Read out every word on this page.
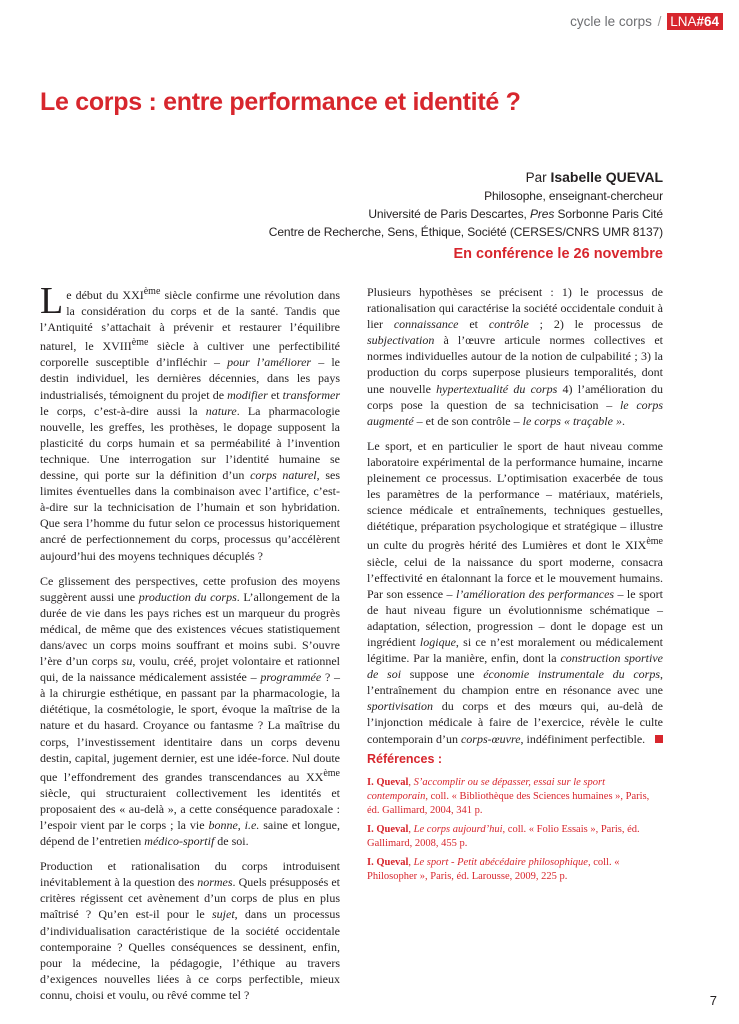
cycle le corps / LNA#64
Le corps : entre performance et identité ?
Par Isabelle QUEVAL
Philosophe, enseignant-chercheur
Université de Paris Descartes, Pres Sorbonne Paris Cité
Centre de Recherche, Sens, Éthique, Société (CERSES/CNRS UMR 8137)
En conférence le 26 novembre

Le début du XXIème siècle confirme une révolution dans la considération du corps et de la santé. Tandis que l’Antiquité s’attachait à prévenir et restaurer l’équilibre naturel, le XVIIIème siècle à cultiver une perfectibilité corporelle susceptible d’infléchir – pour l’améliorer – le destin individuel, les dernières décennies, dans les pays industrialisés, témoignent du projet de modifier et transformer le corps, c’est-à-dire aussi la nature. La pharmacologie nouvelle, les greffes, les prothèses, le dopage supposent la plasticité du corps humain et sa perméabilité à l’invention technique. Une interrogation sur l’identité humaine se dessine, qui porte sur la définition d’un corps naturel, ses limites éventuelles dans la combinaison avec l’artifice, c’est-à-dire sur la technicisation de l’humain et son hybridation. Que sera l’homme du futur selon ce processus historiquement ancré de perfectionnement du corps, processus qu’accélèrent aujourd’hui des moyens techniques décuplés ?

Ce glissement des perspectives, cette profusion des moyens suggèrent aussi une production du corps. L’allongement de la durée de vie dans les pays riches est un marqueur du progrès médical, de même que des existences vécues statistiquement dans/avec un corps moins souffrant et moins subi. S’ouvre l’ère d’un corps su, voulu, créé, projet volontaire et rationnel qui, de la naissance médicalement assistée – programmée ? – à la chirurgie esthétique, en passant par la pharmacologie, la diététique, la cosmétologie, le sport, évoque la maîtrise de la nature et du hasard. Croyance ou fantasme ? La maîtrise du corps, l’investissement identitaire dans un corps devenu destin, capital, jugement dernier, est une idée-force. Nul doute que l’effondrement des grandes transcendances au XXème siècle, qui structuraient collectivement les identités et proposaient des « au-delà », a cette conséquence paradoxale : l’espoir vient par le corps ; la vie bonne, i.e. saine et longue, dépend de l’entretien médico-sportif de soi.

Production et rationalisation du corps introduisent inévitablement à la question des normes. Quels présupposés et critères régissent cet avènement d’un corps de plus en plus maîtrisé ? Qu’en est-il pour le sujet, dans un processus d’individualisation caractéristique de la société occidentale contemporaine ? Quelles conséquences se dessinent, enfin, pour la médecine, la pédagogie, l’éthique au travers d’exigences nouvelles liées à ce corps perfectible, mieux connu, choisi et voulu, ou rêvé comme tel ?

Plusieurs hypothèses se précisent : 1) le processus de rationalisation qui caractérise la société occidentale conduit à lier connaissance et contrôle ; 2) le processus de subjectivation à l’œuvre articule normes collectives et normes individuelles autour de la notion de culpabilité ; 3) la production du corps superpose plusieurs temporalités, dont une nouvelle hypertextualité du corps 4) l’amélioration du corps pose la question de sa technicisation – le corps augmenté – et de son contrôle – le corps « traçable ».

Le sport, et en particulier le sport de haut niveau comme laboratoire expérimental de la performance humaine, incarne pleinement ce processus. L’optimisation exacerbée de tous les paramètres de la performance – matériaux, matériels, science médicale et entraînements, techniques gestuelles, diététique, préparation psychologique et stratégique – illustre un culte du progrès hérité des Lumières et dont le XIXème siècle, celui de la naissance du sport moderne, consacra l’effectivité en étalonnant la force et le mouvement humains. Par son essence – l’amélioration des performances – le sport de haut niveau figure un évolutionnisme schématique – adaptation, sélection, progression – dont le dopage est un ingrédient logique, si ce n’est moralement ou médicalement légitime. Par la manière, enfin, dont la construction sportive de soi suppose une économie instrumentale du corps, l’entraînement du champion entre en résonance avec une sportivisation du corps et des mœurs qui, au-delà de l’injonction médicale à faire de l’exercice, révèle le culte contemporain d’un corps-œuvre, indéfiniment perfectible.

Références :
I. Queval, S’accomplir ou se dépasser, essai sur le sport contemporain, coll. « Bibliothèque des Sciences humaines », Paris, éd. Gallimard, 2004, 341 p.
I. Queval, Le corps aujourd’hui, coll. « Folio Essais », Paris, éd. Gallimard, 2008, 455 p.
I. Queval, Le sport - Petit abécédaire philosophique, coll. « Philosopher », Paris, éd. Larousse, 2009, 225 p.
7
